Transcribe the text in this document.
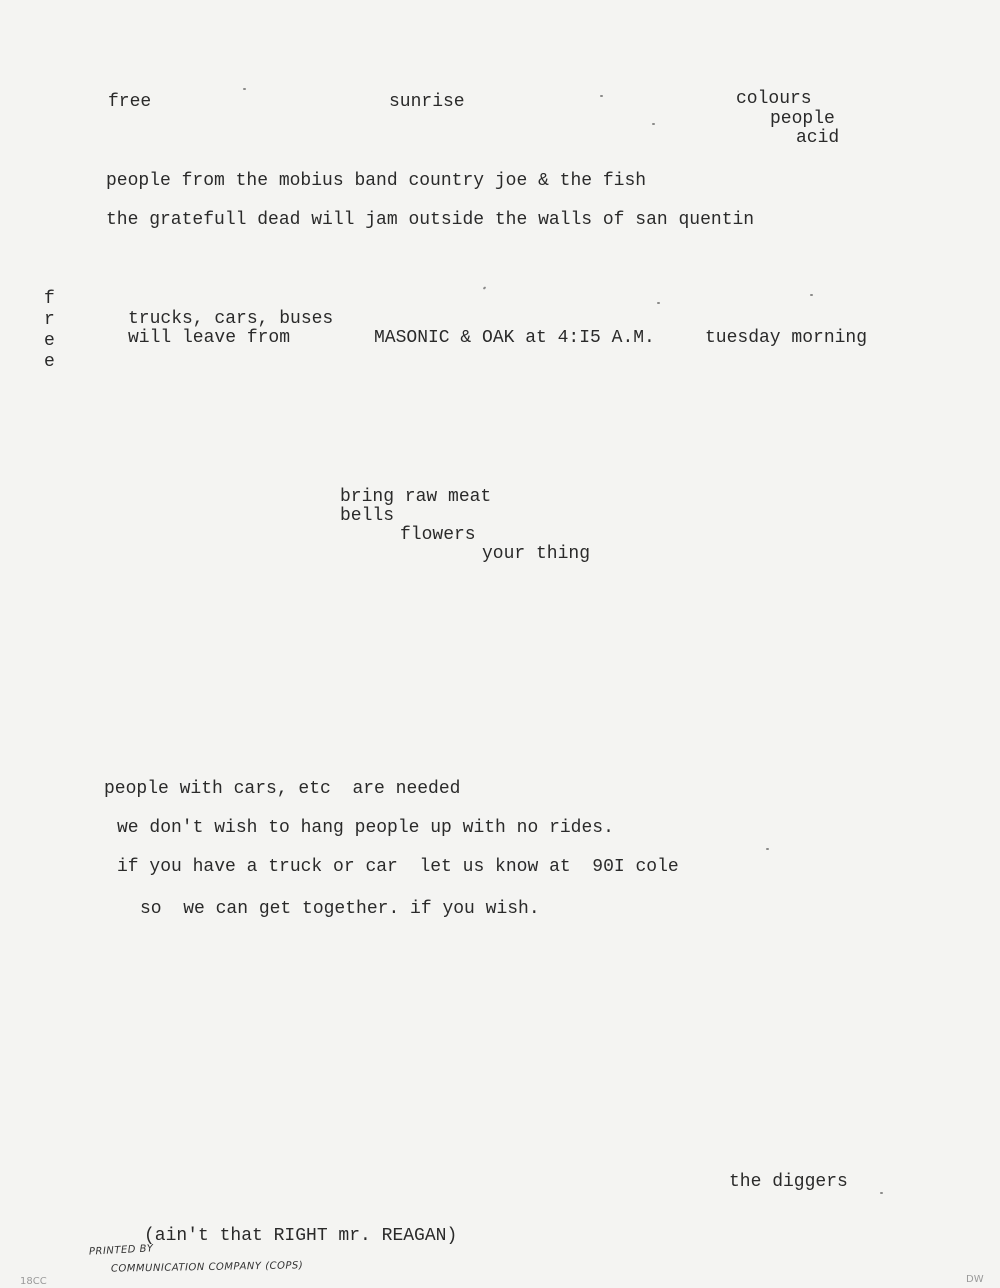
free	sunrise	colours
people
acid
people from the mobius band country joe & the fish
the gratefull dead will jam outside the walls of san quentin
f
r
e
e
trucks, cars, buses
will leave from	MASONIC & OAK at 4:I5 A.M.	tuesday morning
bring raw meat
bells
flowers
your thing
people with cars, etc  are needed
we don't wish to hang people up with no rides.
if you have a truck or car  let us know at  90I cole
so  we can get together. if you wish.
the diggers
(ain't that RIGHT mr. REAGAN)
PRINTED BY
COMMUNICATION COMPANY (COPS)
18CC	DW
